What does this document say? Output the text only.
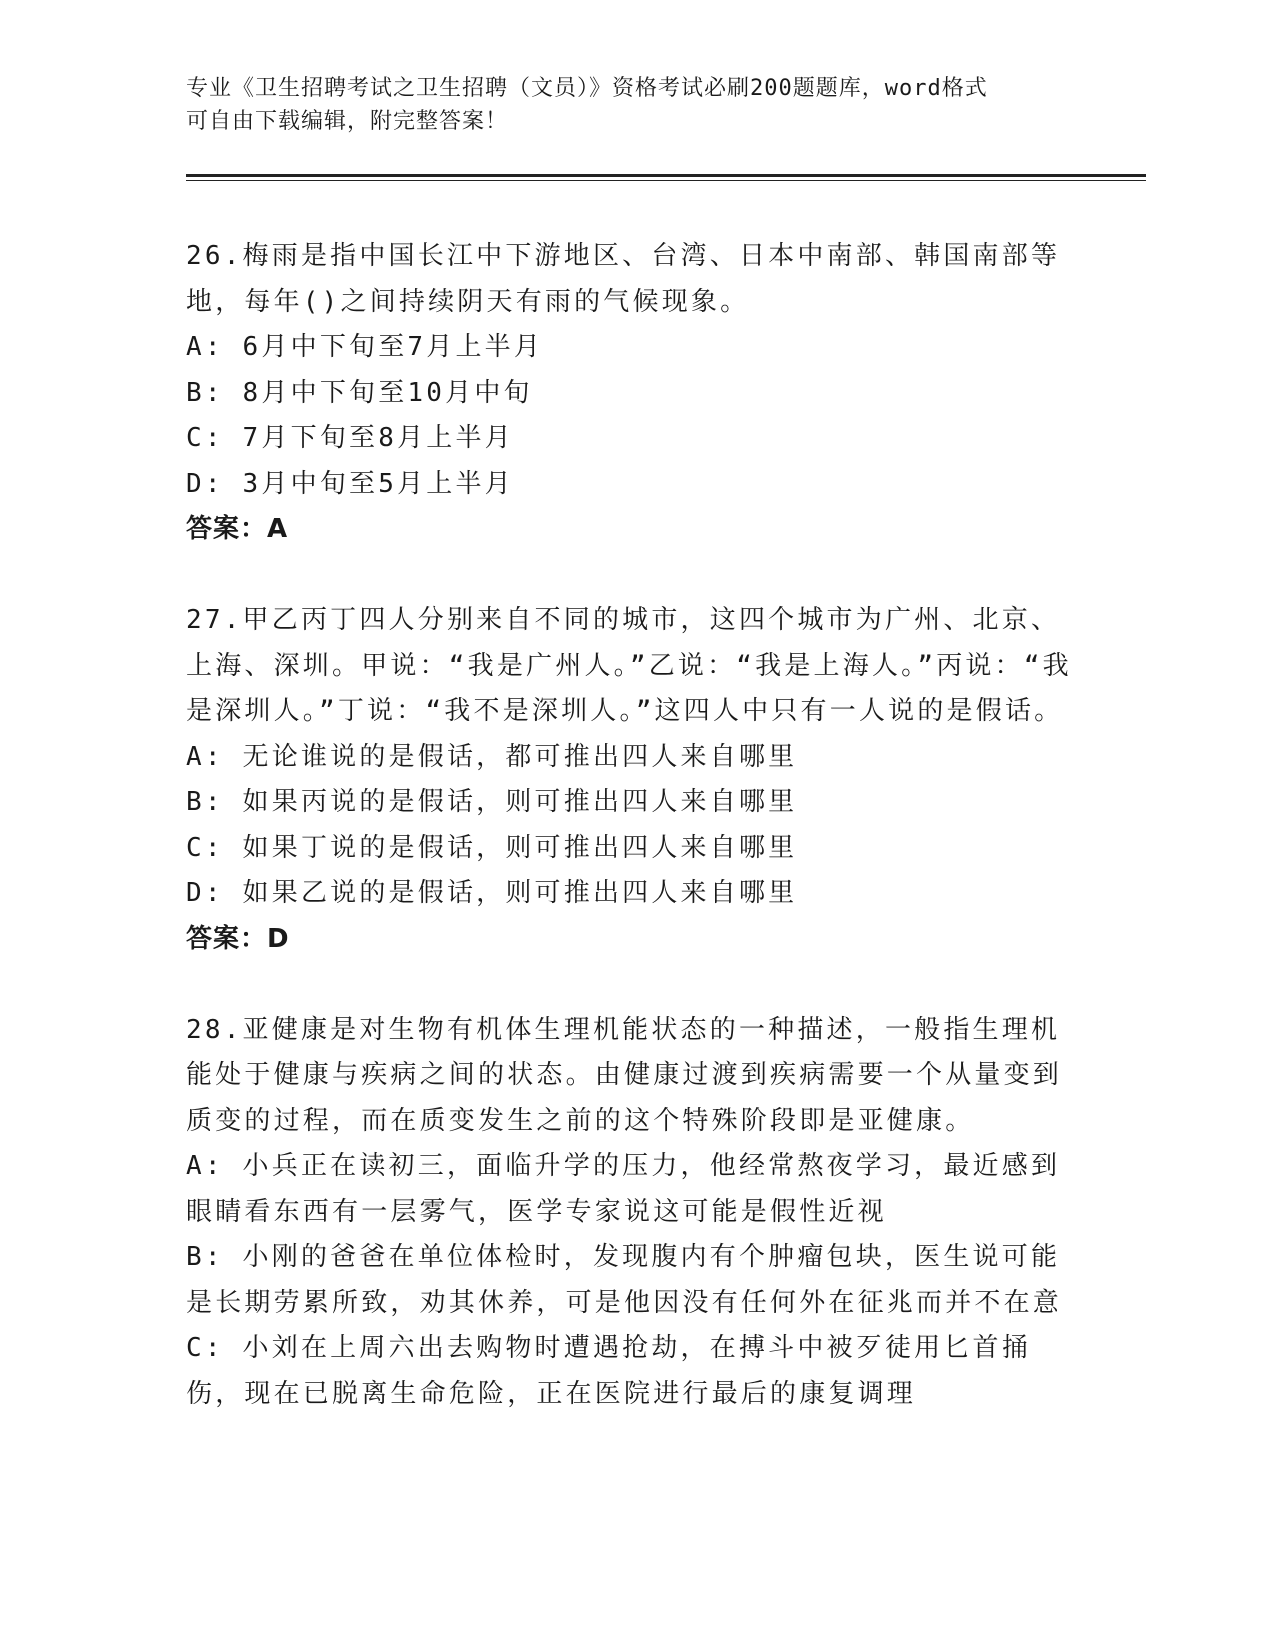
专业《卫生招聘考试之卫生招聘（文员）》资格考试必刷200题题库，word格式
可自由下载编辑，附完整答案！
26.梅雨是指中国长江中下游地区、台湾、日本中南部、韩国南部等地，每年()之间持续阴天有雨的气候现象。
A: 6月中下旬至7月上半月
B: 8月中下旬至10月中旬
C: 7月下旬至8月上半月
D: 3月中旬至5月上半月
答案：A
27.甲乙丙丁四人分别来自不同的城市，这四个城市为广州、北京、上海、深圳。甲说：“我是广州人。”乙说：“我是上海人。”丙说：“我是深圳人。”丁说：“我不是深圳人。”这四人中只有一人说的是假话。
A: 无论谁说的是假话，都可推出四人来自哪里
B: 如果丙说的是假话，则可推出四人来自哪里
C: 如果丁说的是假话，则可推出四人来自哪里
D: 如果乙说的是假话，则可推出四人来自哪里
答案：D
28.亚健康是对生物有机体生理机能状态的一种描述，一般指生理机能处于健康与疾病之间的状态。由健康过渡到疾病需要一个从量变到质变的过程，而在质变发生之前的这个特殊阶段即是亚健康。
A: 小兵正在读初三，面临升学的压力，他经常熬夜学习，最近感到眼睛看东西有一层雾气，医学专家说这可能是假性近视
B: 小刚的爸爸在单位体检时，发现腹内有个肿瘤包块，医生说可能是长期劳累所致，劝其休养，可是他因没有任何外在征兆而并不在意
C: 小刘在上周六出去购物时遭遇抢劫，在搏斗中被歹徒用匕首捅伤，现在已脱离生命危险，正在医院进行最后的康复调理
